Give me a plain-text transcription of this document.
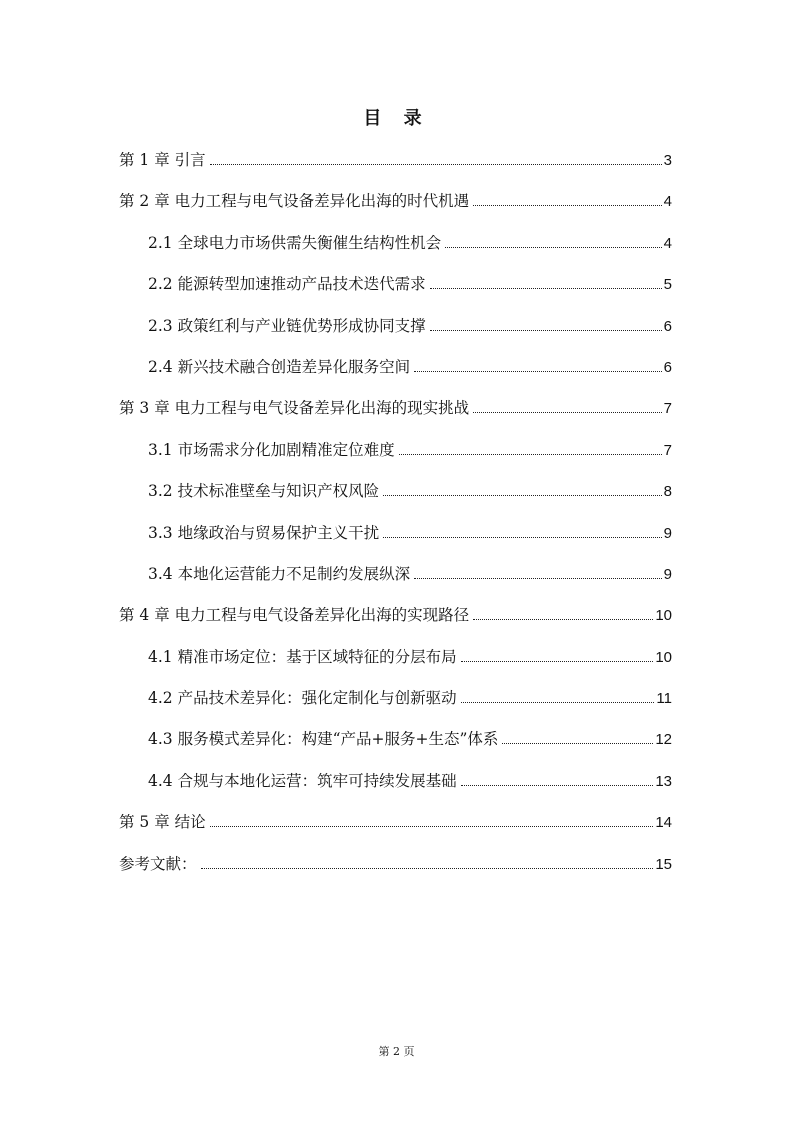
目 录
第 1 章 引言	3
第 2 章 电力工程与电气设备差异化出海的时代机遇	4
2.1 全球电力市场供需失衡催生结构性机会	4
2.2 能源转型加速推动产品技术迭代需求	5
2.3 政策红利与产业链优势形成协同支撑	6
2.4 新兴技术融合创造差异化服务空间	6
第 3 章 电力工程与电气设备差异化出海的现实挑战	7
3.1 市场需求分化加剧精准定位难度	7
3.2 技术标准壁垒与知识产权风险	8
3.3 地缘政治与贸易保护主义干扰	9
3.4 本地化运营能力不足制约发展纵深	9
第 4 章 电力工程与电气设备差异化出海的实现路径	10
4.1 精准市场定位：基于区域特征的分层布局	10
4.2 产品技术差异化：强化定制化与创新驱动	11
4.3 服务模式差异化：构建“产品+服务+生态”体系	12
4.4 合规与本地化运营：筑牢可持续发展基础	13
第 5 章 结论	14
参考文献：	15
第 2 页
